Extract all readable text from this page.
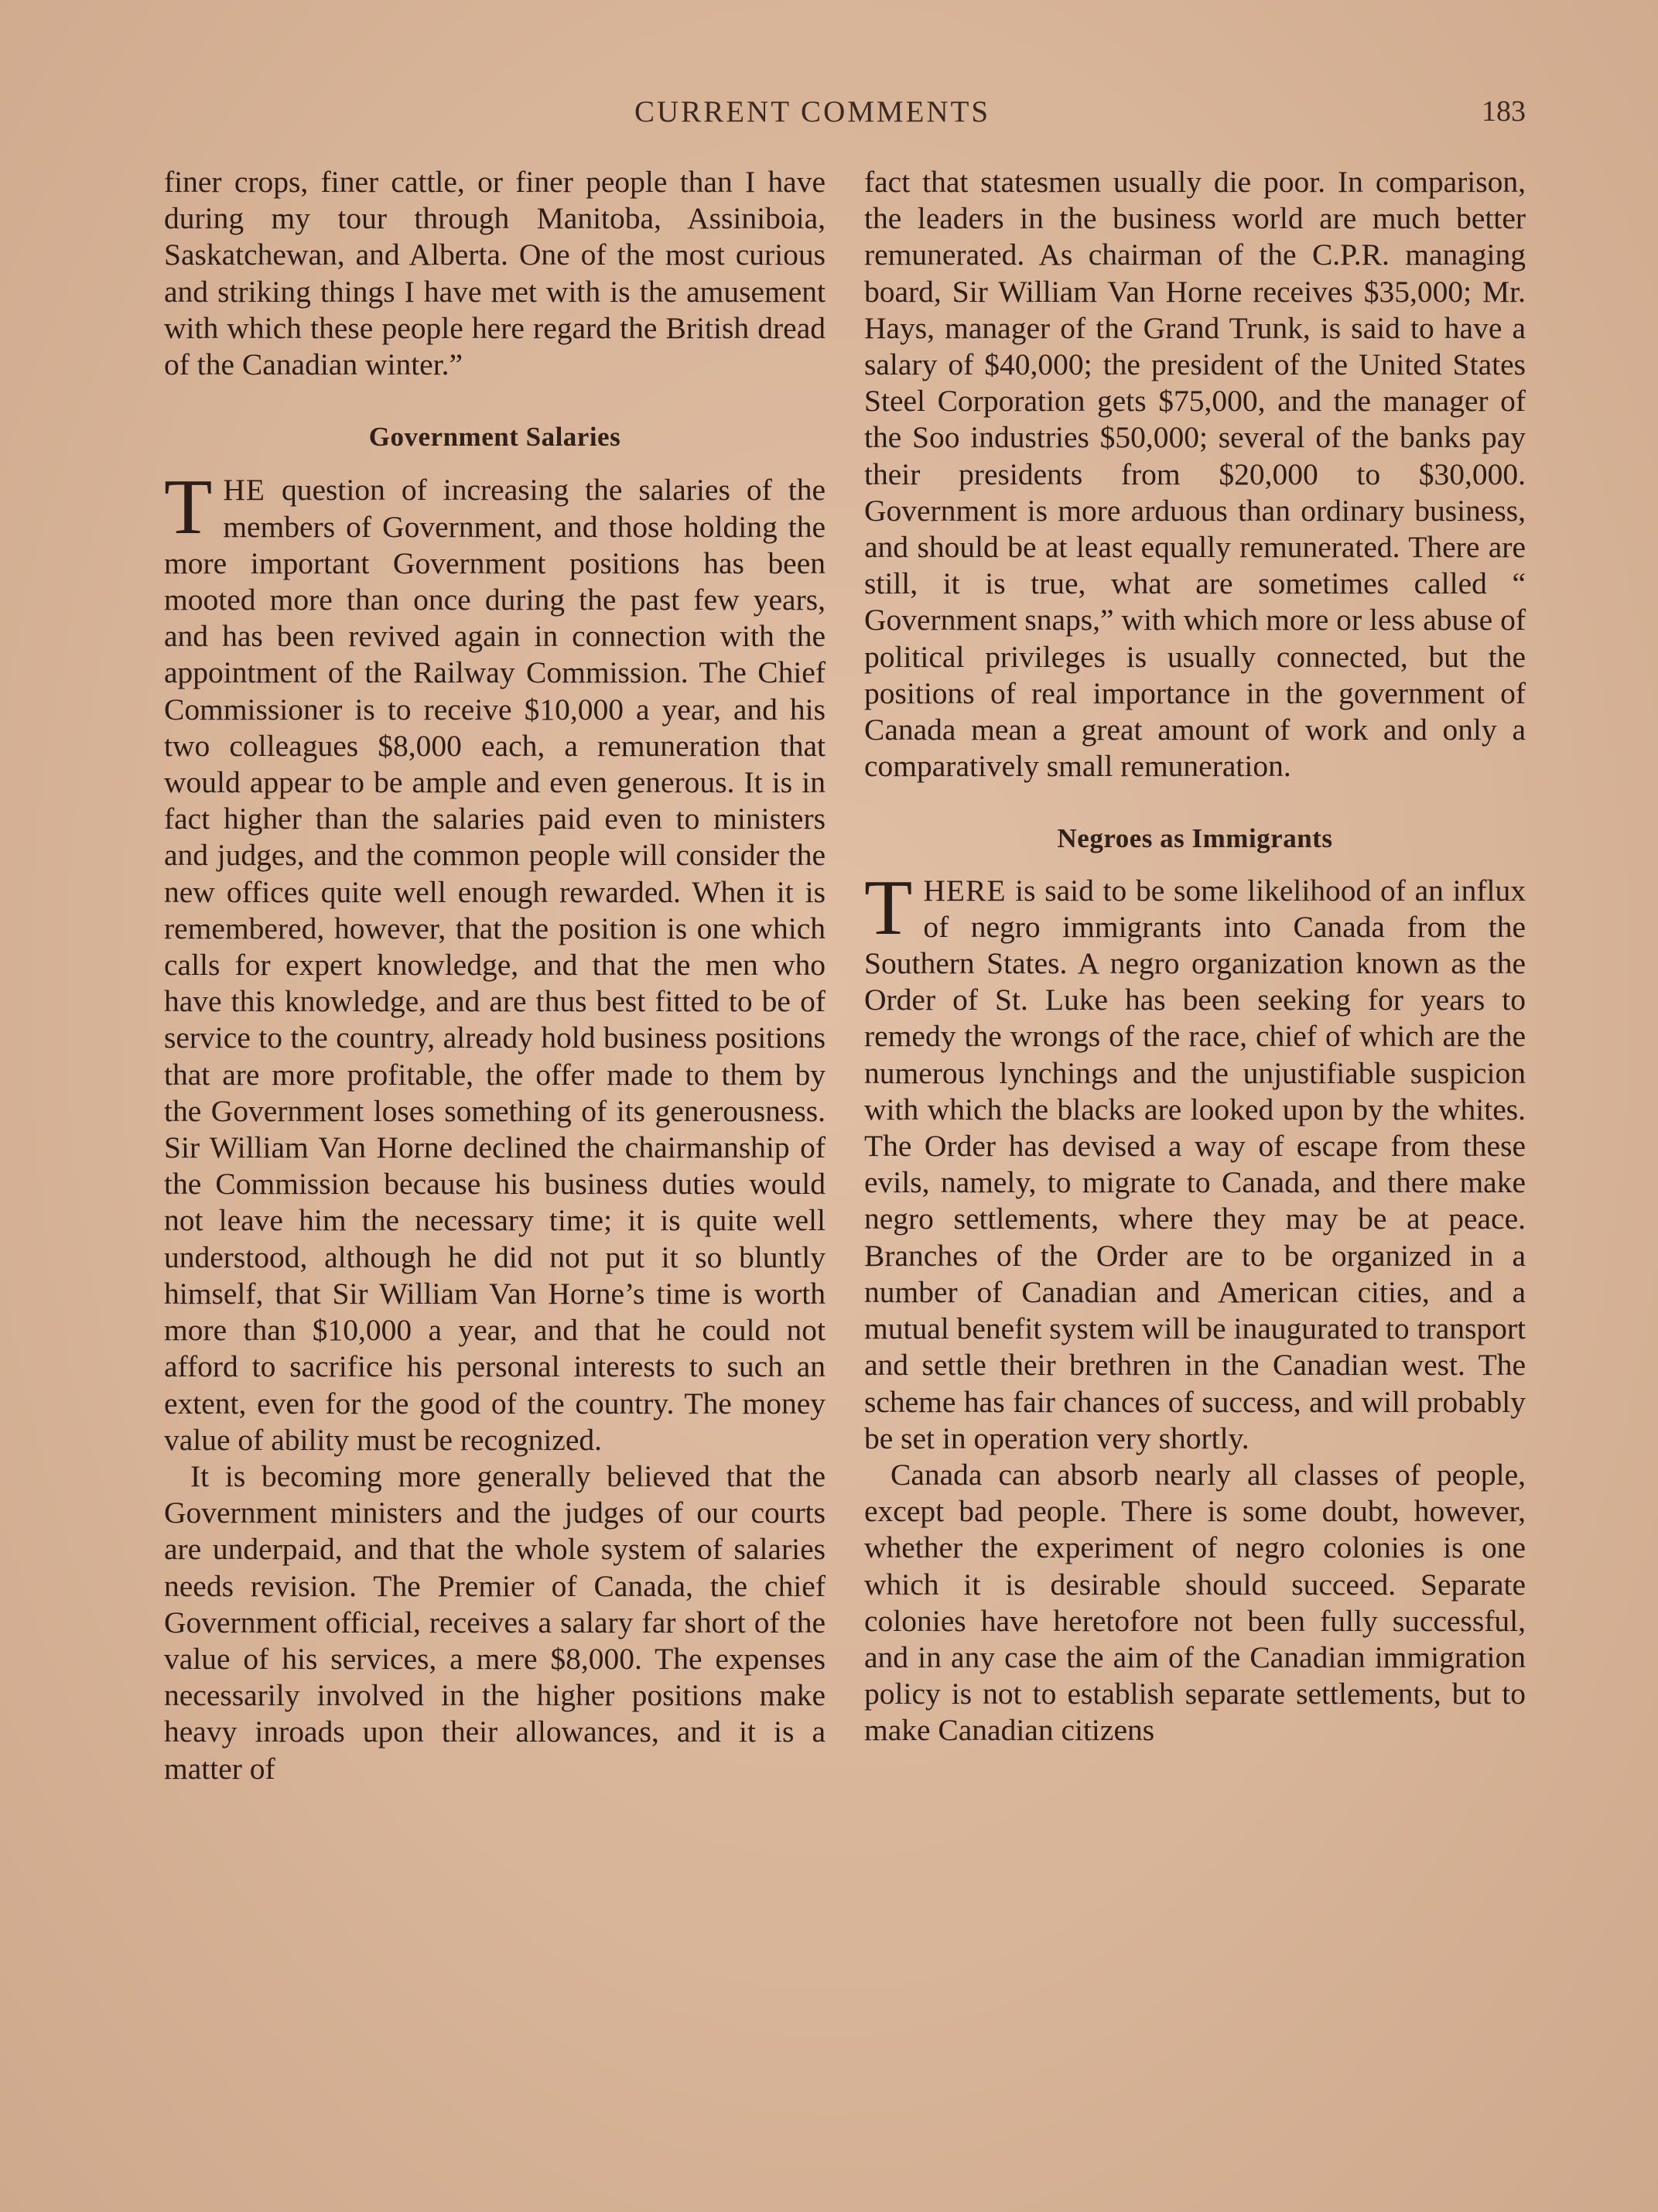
CURRENT COMMENTS	183

finer crops, finer cattle, or finer people than I have during my tour through Manitoba, Assiniboia, Saskatchewan, and Alberta. One of the most curious and striking things I have met with is the amusement with which these people here regard the British dread of the Canadian winter.”

Government Salaries

THE question of increasing the salaries of the members of Government, and those holding the more important Government positions has been mooted more than once during the past few years, and has been revived again in connection with the appointment of the Railway Commission. The Chief Commissioner is to receive $10,000 a year, and his two colleagues $8,000 each, a remuneration that would appear to be ample and even generous. It is in fact higher than the salaries paid even to ministers and judges, and the common people will consider the new offices quite well enough rewarded. When it is remembered, however, that the position is one which calls for expert knowledge, and that the men who have this knowledge, and are thus best fitted to be of service to the country, already hold business positions that are more profitable, the offer made to them by the Government loses something of its generousness. Sir William Van Horne declined the chairmanship of the Commission because his business duties would not leave him the necessary time; it is quite well understood, although he did not put it so bluntly himself, that Sir William Van Horne’s time is worth more than $10,000 a year, and that he could not afford to sacrifice his personal interests to such an extent, even for the good of the country. The money value of ability must be recognized.

It is becoming more generally believed that the Government ministers and the judges of our courts are underpaid, and that the whole system of salaries needs revision. The Premier of Canada, the chief Government official, receives a salary far short of the value of his services, a mere $8,000. The expenses necessarily involved in the higher positions make heavy inroads upon their allowances, and it is a matter of

fact that statesmen usually die poor. In comparison, the leaders in the business world are much better remunerated. As chairman of the C.P.R. managing board, Sir William Van Horne receives $35,000; Mr. Hays, manager of the Grand Trunk, is said to have a salary of $40,000; the president of the United States Steel Corporation gets $75,000, and the manager of the Soo industries $50,000; several of the banks pay their presidents from $20,000 to $30,000. Government is more arduous than ordinary business, and should be at least equally remunerated. There are still, it is true, what are sometimes called “ Government snaps,” with which more or less abuse of political privileges is usually connected, but the positions of real importance in the government of Canada mean a great amount of work and only a comparatively small remuneration.

Negroes as Immigrants

THERE is said to be some likelihood of an influx of negro immigrants into Canada from the Southern States. A negro organization known as the Order of St. Luke has been seeking for years to remedy the wrongs of the race, chief of which are the numerous lynchings and the unjustifiable suspicion with which the blacks are looked upon by the whites. The Order has devised a way of escape from these evils, namely, to migrate to Canada, and there make negro settlements, where they may be at peace. Branches of the Order are to be organized in a number of Canadian and American cities, and a mutual benefit system will be inaugurated to transport and settle their brethren in the Canadian west. The scheme has fair chances of success, and will probably be set in operation very shortly.

Canada can absorb nearly all classes of people, except bad people. There is some doubt, however, whether the experiment of negro colonies is one which it is desirable should succeed. Separate colonies have heretofore not been fully successful, and in any case the aim of the Canadian immigration policy is not to establish separate settlements, but to make Canadian citizens
